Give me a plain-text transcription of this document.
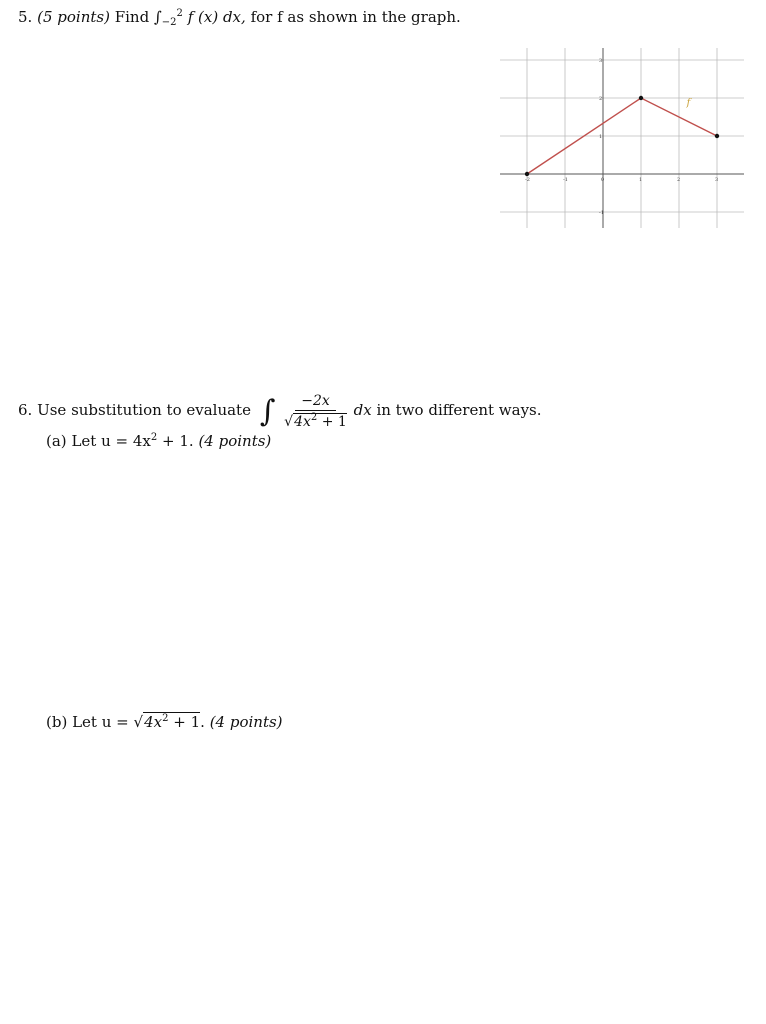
5. (5 points) Find $\int_{-2}^2$ f (x) dx, for f as shown in the graph.
-2	-1	0	1	2	3
-1
1
2
3
f
6. Use substitution to evaluate ∫ $\frac{-2x}{√4x^2 + 1}$ dx in two different ways.
(a) Let $u = 4x^2 + 1$. (4 points)
(b) Let $u = √4x^2 + 1$. (4 points)
